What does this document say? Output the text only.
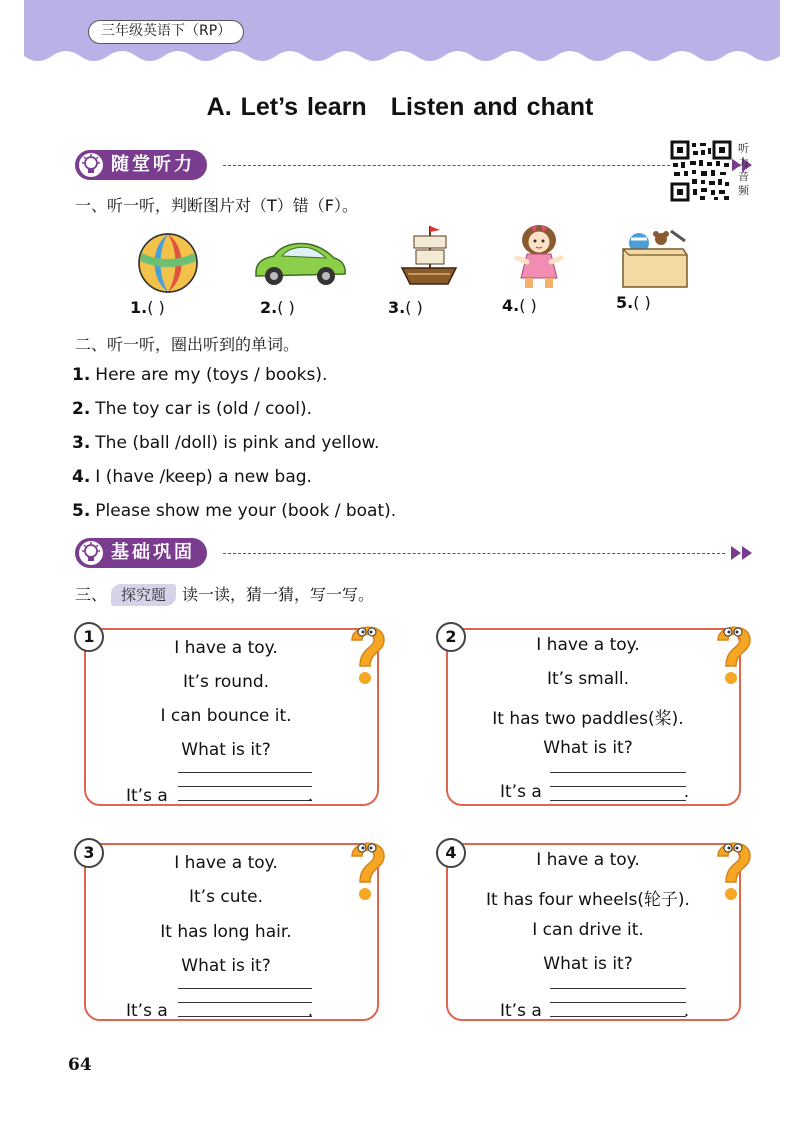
三年级英语下（RP）
A. Let’s learn Listen and chant
随堂听力
听力音频
一、听一听，判断图片对（T）错（F）。
1.( )	2.( )	3.( )	4.( )	5.( )
二、听一听，圈出听到的单词。
1. Here are my (toys / books).
2. The toy car is (old / cool).
3. The (ball /doll) is pink and yellow.
4. I (have /keep) a new bag.
5. Please show me your (book / boat).
基础巩固
三、 探究题 读一读，猜一猜，写一写。
I have a toy.
It’s round.
I can bounce it.
What is it?
It’s a	.
1	I have a toy.
It’s small.
It has two paddles(桨).
What is it?
It’s a	.
2
I have a toy.
It’s cute.
It has long hair.
What is it?
It’s a	.
3	I have a toy.
It has four wheels(轮子).
I can drive it.
What is it?
It’s a	.
4
64
